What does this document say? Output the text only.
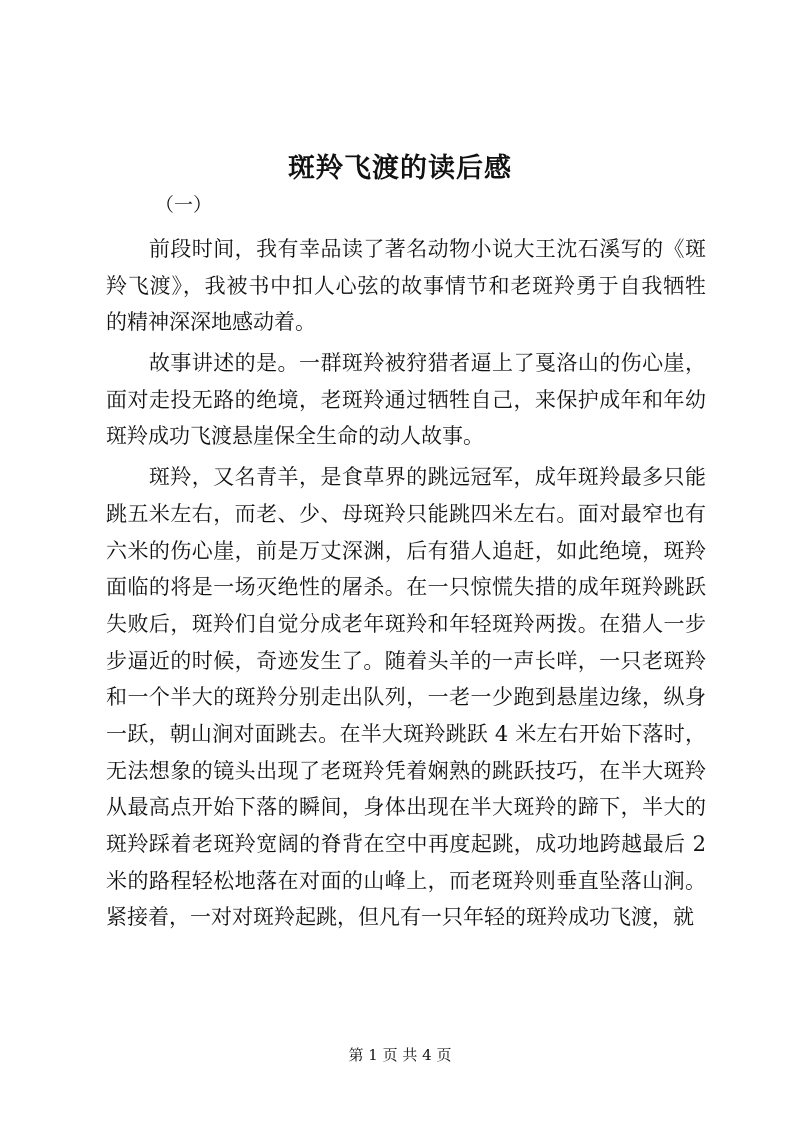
斑羚飞渡的读后感
（一）
　　前段时间，我有幸品读了著名动物小说大王沈石溪写的《斑
羚飞渡》，我被书中扣人心弦的故事情节和老斑羚勇于自我牺牲
的精神深深地感动着。
　　故事讲述的是。一群斑羚被狩猎者逼上了戛洛山的伤心崖，
面对走投无路的绝境，老斑羚通过牺牲自己，来保护成年和年幼
斑羚成功飞渡悬崖保全生命的动人故事。
　　斑羚，又名青羊，是食草界的跳远冠军，成年斑羚最多只能
跳五米左右，而老、少、母斑羚只能跳四米左右。面对最窄也有
六米的伤心崖，前是万丈深渊，后有猎人追赶，如此绝境，斑羚
面临的将是一场灭绝性的屠杀。在一只惊慌失措的成年斑羚跳跃
失败后，斑羚们自觉分成老年斑羚和年轻斑羚两拨。在猎人一步
步逼近的时候，奇迹发生了。随着头羊的一声长咩，一只老斑羚
和一个半大的斑羚分别走出队列，一老一少跑到悬崖边缘，纵身
一跃，朝山涧对面跳去。在半大斑羚跳跃 4 米左右开始下落时，
无法想象的镜头出现了老斑羚凭着娴熟的跳跃技巧，在半大斑羚
从最高点开始下落的瞬间，身体出现在半大斑羚的蹄下，半大的
斑羚踩着老斑羚宽阔的脊背在空中再度起跳，成功地跨越最后 2
米的路程轻松地落在对面的山峰上，而老斑羚则垂直坠落山涧。
紧接着，一对对斑羚起跳，但凡有一只年轻的斑羚成功飞渡，就
第 1 页 共 4 页
